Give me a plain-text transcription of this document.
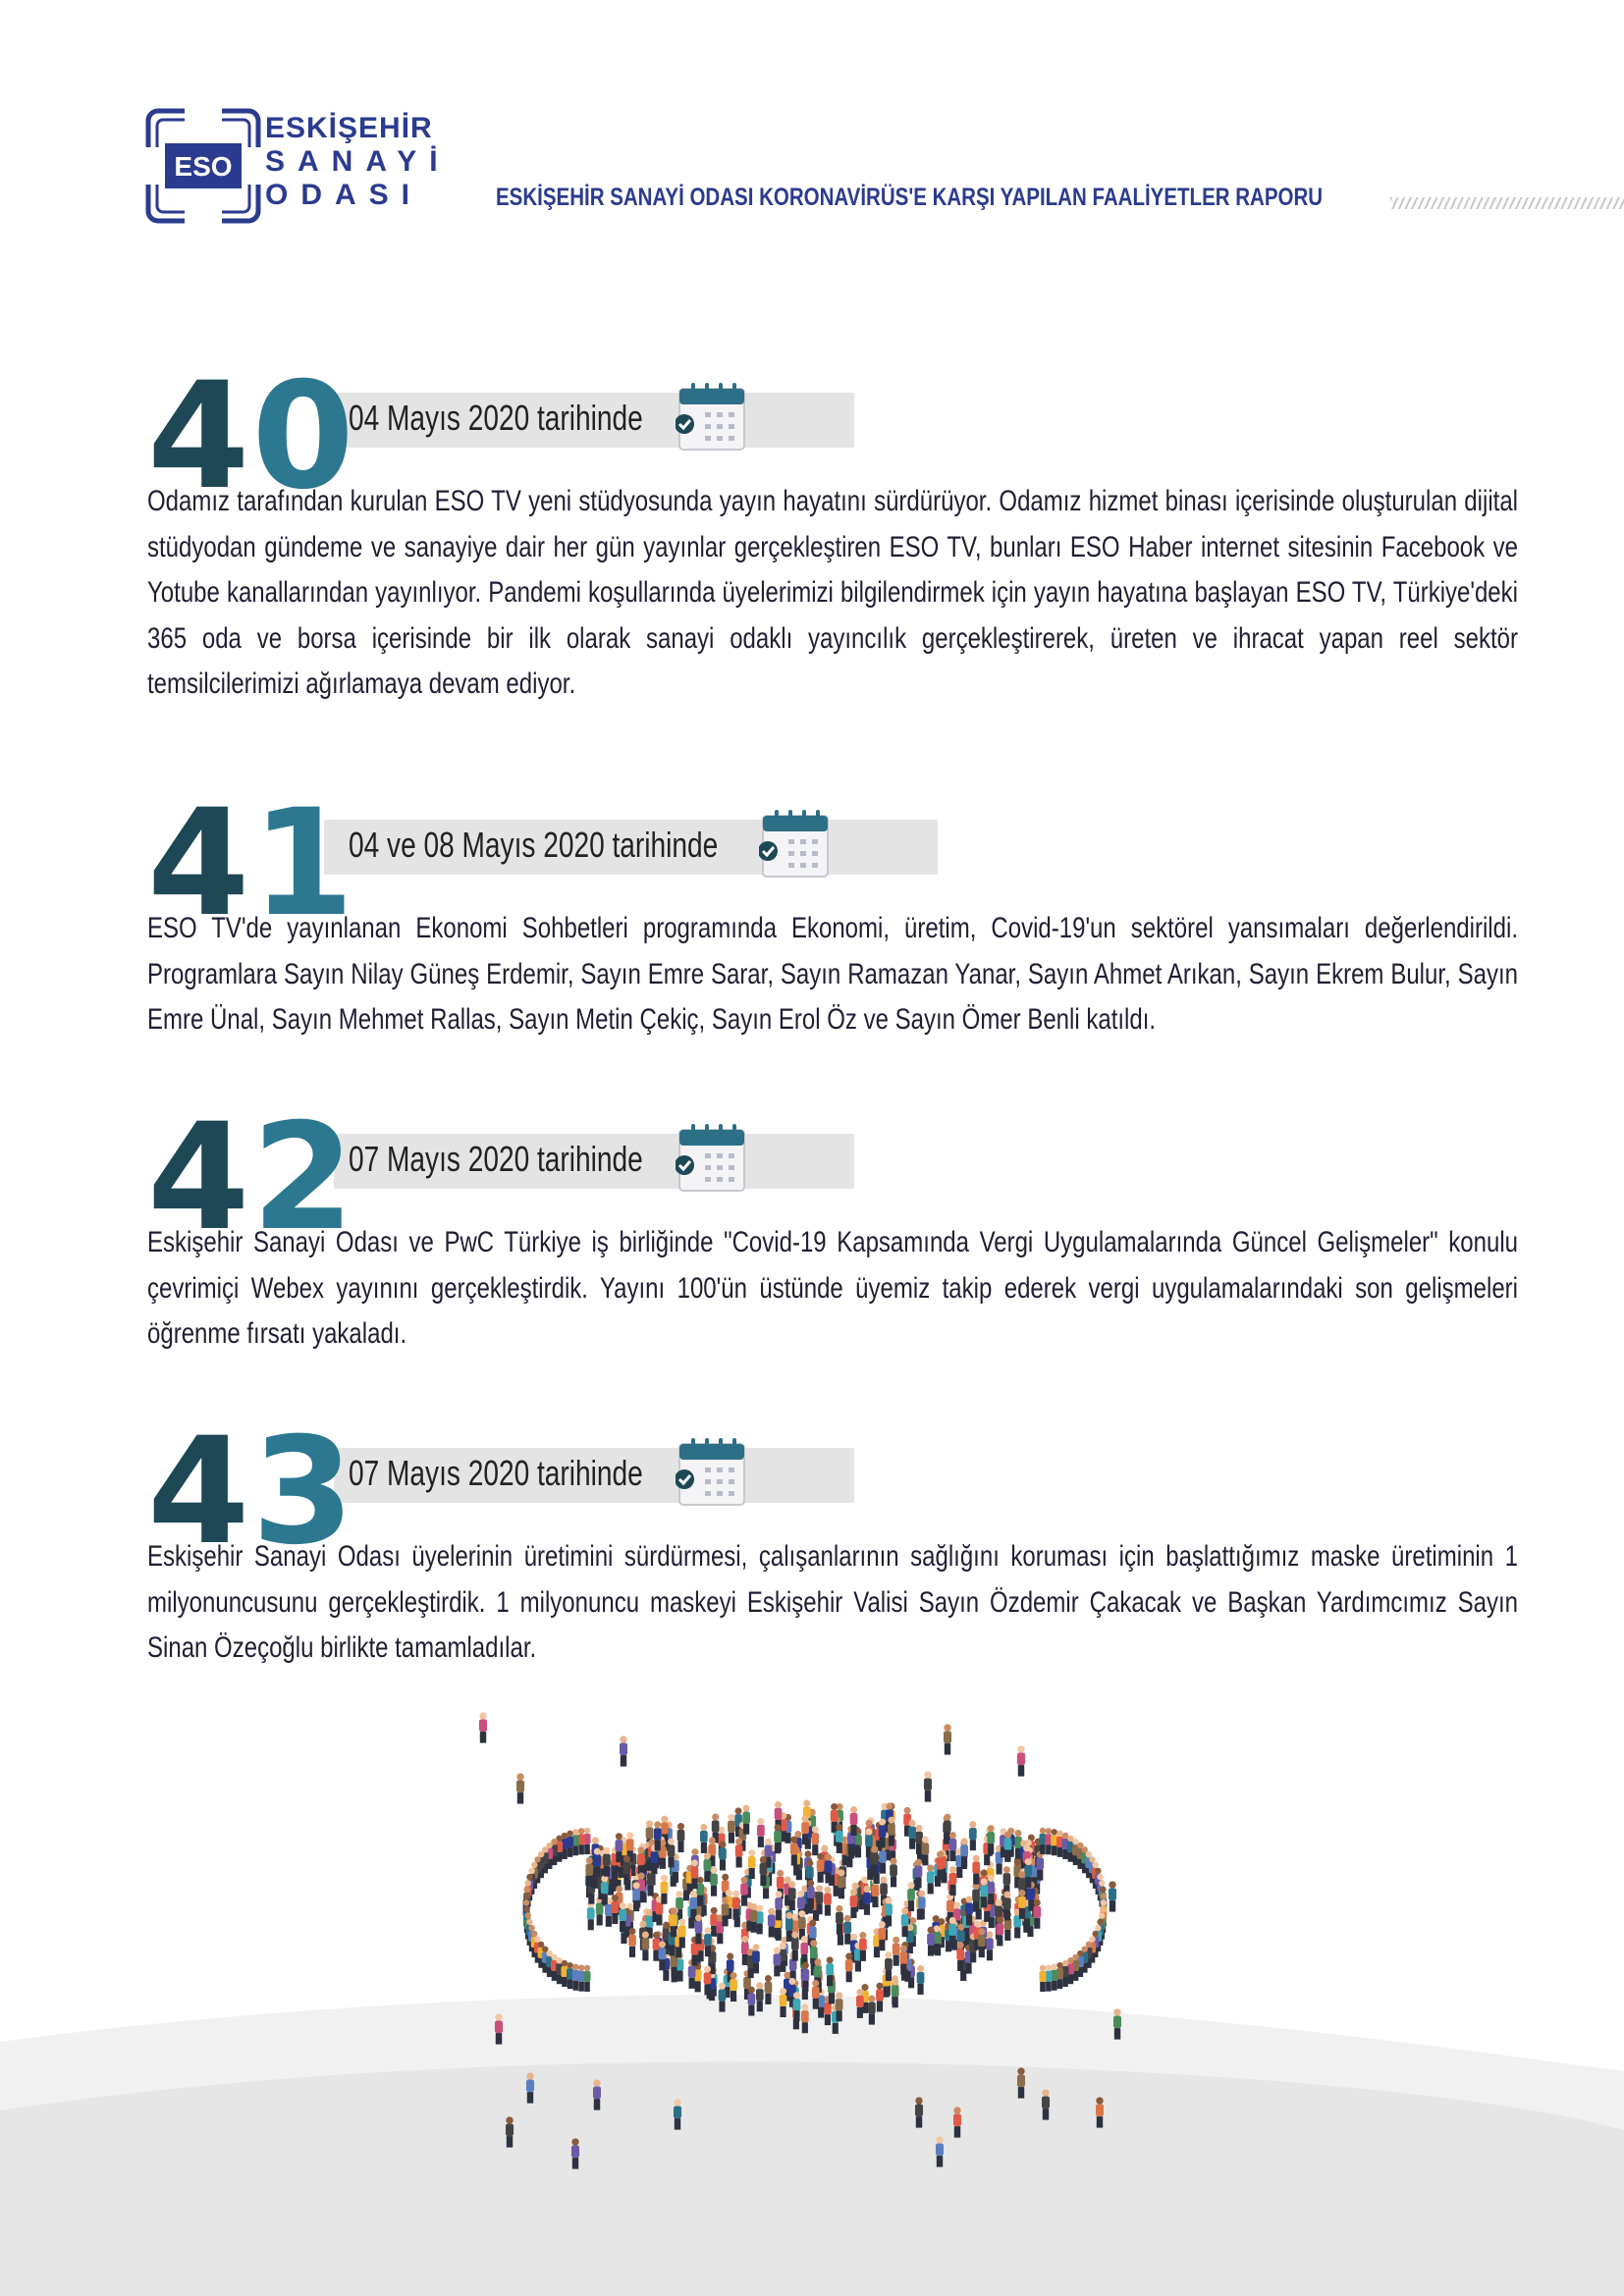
ESO
ESKİŞEHİR
SANAYİ
ODASI	ESKİŞEHİR SANAYİ ODASI KORONAVİRÜS'E KARŞI YAPILAN FAALİYETLER RAPORU
40
04 Mayıs 2020 tarihinde
Odamız tarafından kurulan ESO TV yeni stüdyosunda yayın hayatını sürdürüyor. Odamız hizmet binası içerisinde oluşturulan dijital stüdyodan gündeme ve sanayiye dair her gün yayınlar gerçekleştiren ESO TV, bunları ESO Haber internet sitesinin Facebook ve Yotube kanallarından yayınlıyor. Pandemi koşullarında üyelerimizi bilgilendirmek için yayın hayatına başlayan ESO TV, Türkiye'deki 365 oda ve borsa içerisinde bir ilk olarak sanayi odaklı yayıncılık gerçekleştirerek, üreten ve ihracat yapan reel sektör temsilcilerimizi ağırlamaya devam ediyor.
41
04 ve 08 Mayıs 2020 tarihinde
ESO TV'de yayınlanan Ekonomi Sohbetleri programında Ekonomi, üretim, Covid-19'un sektörel yansımaları değerlendirildi. Programlara Sayın Nilay Güneş Erdemir, Sayın Emre Sarar, Sayın Ramazan Yanar, Sayın Ahmet Arıkan, Sayın Ekrem Bulur, Sayın Emre Ünal, Sayın Mehmet Rallas, Sayın Metin Çekiç, Sayın Erol Öz ve Sayın Ömer Benli katıldı.
42
07 Mayıs 2020 tarihinde
Eskişehir Sanayi Odası ve PwC Türkiye iş birliğinde "Covid-19 Kapsamında Vergi Uygulamalarında Güncel Gelişmeler" konulu çevrimiçi Webex yayınını gerçekleştirdik. Yayını 100'ün üstünde üyemiz takip ederek vergi uygulamalarındaki son gelişmeleri öğrenme fırsatı yakaladı.
43
07 Mayıs 2020 tarihinde
Eskişehir Sanayi Odası üyelerinin üretimini sürdürmesi, çalışanlarının sağlığını koruması için başlattığımız maske üretiminin 1 milyonuncusunu gerçekleştirdik. 1 milyonuncu maskeyi Eskişehir Valisi Sayın Özdemir Çakacak ve Başkan Yardımcımız Sayın Sinan Özeçoğlu birlikte tamamladılar.
